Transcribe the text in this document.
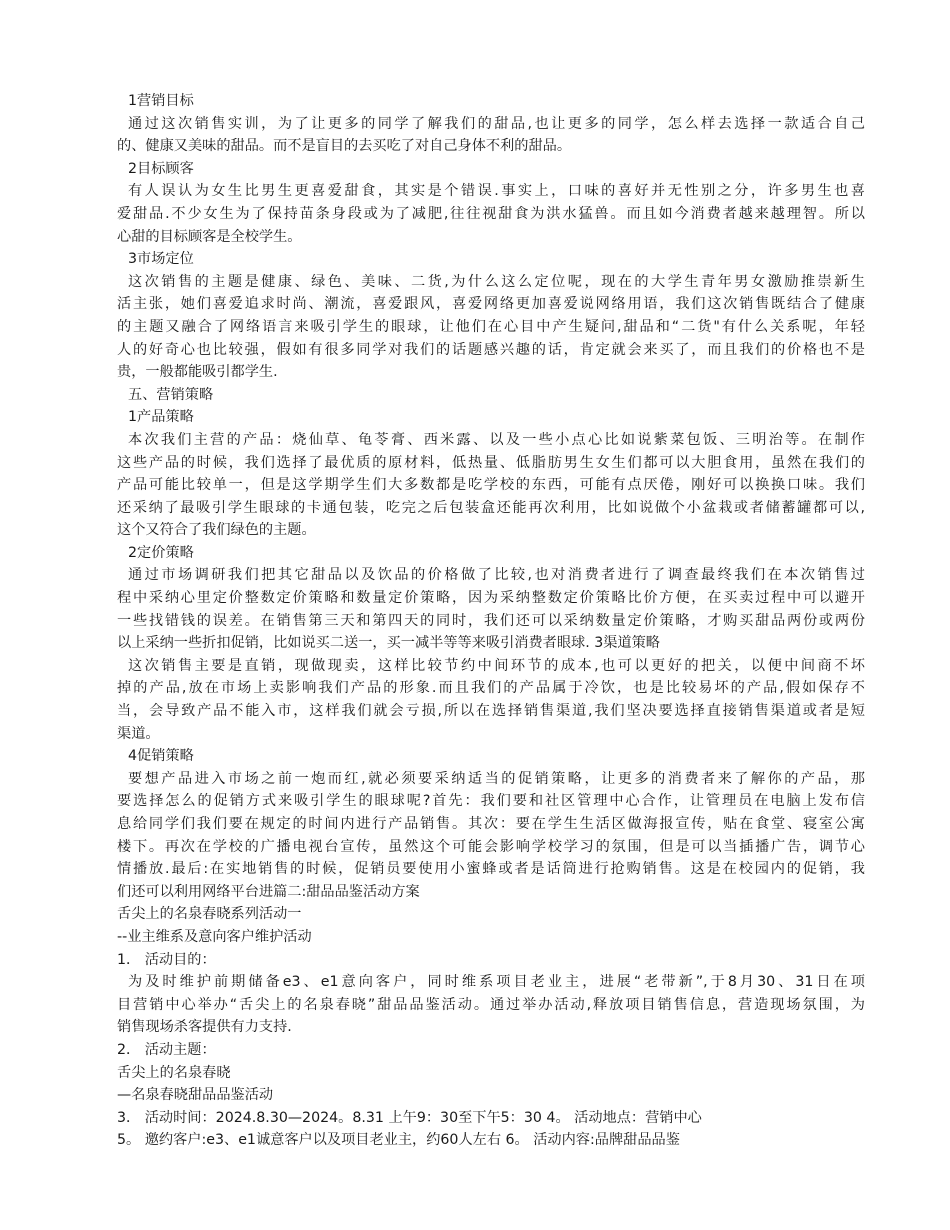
1营销目标
通过这次销售实训，为了让更多的同学了解我们的甜品,也让更多的同学，怎么样去选择一款适合自己
的、健康又美味的甜品。而不是盲目的去买吃了对自己身体不利的甜品。
2目标顾客
有人误认为女生比男生更喜爱甜食，其实是个错误.事实上，口味的喜好并无性别之分，许多男生也喜
爱甜品.不少女生为了保持苗条身段或为了减肥,往往视甜食为洪水猛兽。而且如今消费者越来越理智。所以
心甜的目标顾客是全校学生。
3市场定位
这次销售的主题是健康、绿色、美味、二货,为什么这么定位呢，现在的大学生青年男女激励推崇新生
活主张，她们喜爱追求时尚、潮流，喜爱跟风，喜爱网络更加喜爱说网络用语，我们这次销售既结合了健康
的主题又融合了网络语言来吸引学生的眼球，让他们在心目中产生疑问,甜品和“二货"有什么关系呢，年轻
人的好奇心也比较强，假如有很多同学对我们的话题感兴趣的话，肯定就会来买了，而且我们的价格也不是
贵，一般都能吸引都学生.
五、营销策略
1产品策略
本次我们主营的产品：烧仙草、龟苓膏、西米露、以及一些小点心比如说紫菜包饭、三明治等。在制作
这些产品的时候，我们选择了最优质的原材料，低热量、低脂肪男生女生们都可以大胆食用，虽然在我们的
产品可能比较单一，但是这学期学生们大多数都是吃学校的东西，可能有点厌倦，刚好可以换换口味。我们
还采纳了最吸引学生眼球的卡通包装，吃完之后包装盒还能再次利用，比如说做个小盆栽或者储蓄罐都可以,
这个又符合了我们绿色的主题。
2定价策略
通过市场调研我们把其它甜品以及饮品的价格做了比较,也对消费者进行了调查最终我们在本次销售过
程中采纳心里定价整数定价策略和数量定价策略，因为采纳整数定价策略比价方便，在买卖过程中可以避开
一些找错钱的误差。在销售第三天和第四天的同时，我们还可以采纳数量定价策略，才购买甜品两份或两份
以上采纳一些折扣促销，比如说买二送一，买一减半等等来吸引消费者眼球. 3渠道策略
这次销售主要是直销，现做现卖，这样比较节约中间环节的成本,也可以更好的把关，以便中间商不坏
掉的产品,放在市场上卖影响我们产品的形象.而且我们的产品属于冷饮，也是比较易坏的产品,假如保存不
当，会导致产品不能入市，这样我们就会亏损,所以在选择销售渠道,我们坚决要选择直接销售渠道或者是短
渠道。
4促销策略
要想产品进入市场之前一炮而红,就必须要采纳适当的促销策略，让更多的消费者来了解你的产品，那
要选择怎么的促销方式来吸引学生的眼球呢?首先：我们要和社区管理中心合作，让管理员在电脑上发布信
息给同学们我们要在规定的时间内进行产品销售。其次：要在学生生活区做海报宣传，贴在食堂、寝室公寓
楼下。再次在学校的广播电视台宣传，虽然这个可能会影响学校学习的氛围，但是可以当插播广告，调节心
情播放.最后:在实地销售的时候，促销员要使用小蜜蜂或者是话筒进行抢购销售。这是在校园内的促销，我
们还可以利用网络平台进篇二:甜品品鉴活动方案
舌尖上的名泉春晓系列活动一
--业主维系及意向客户维护活动
1． 活动目的：
为及时维护前期储备e3、e1意向客户，同时维系项目老业主，进展“老带新”,于8月30、31日在项
目营销中心举办“舌尖上的名泉春晓”甜品品鉴活动。通过举办活动,释放项目销售信息，营造现场氛围，为
销售现场杀客提供有力支持.
2． 活动主题：
舌尖上的名泉春晓
—名泉春晓甜品品鉴活动
3． 活动时间：2024.8.30—2024。8.31 上午9：30至下午5：30 4。 活动地点：营销中心
5。 邀约客户:e3、e1诚意客户以及项目老业主，约60人左右 6。 活动内容:品牌甜品品鉴
